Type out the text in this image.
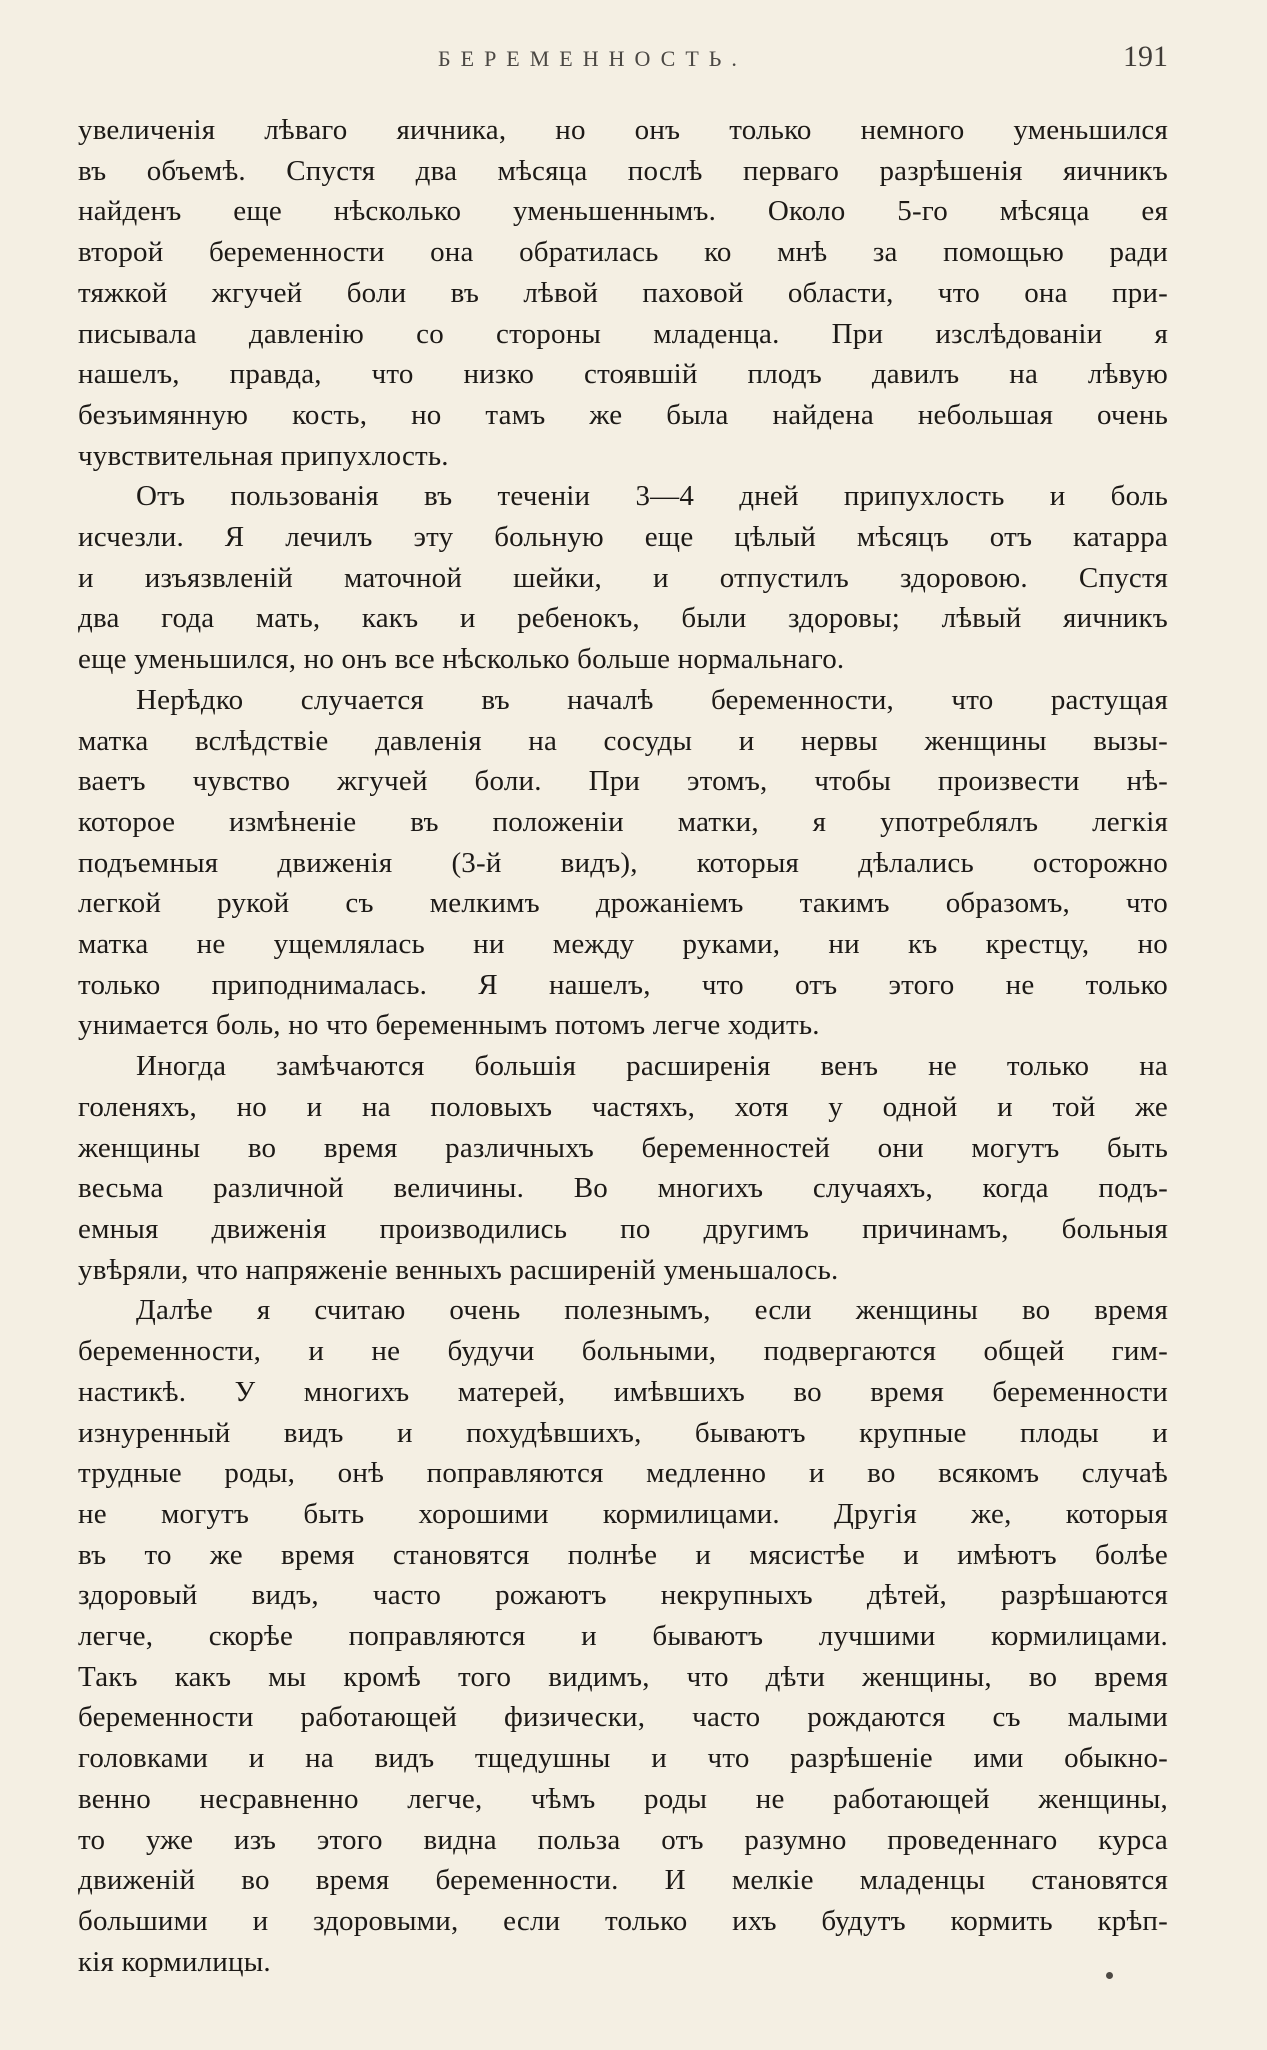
БЕРЕМЕННОСТЬ.	191

увеличенія лѣваго яичника, но онъ только немного уменьшился
въ объемѣ. Спустя два мѣсяца послѣ перваго разрѣшенія яичникъ
найденъ еще нѣсколько уменьшеннымъ. Около 5-го мѣсяца ея
второй беременности она обратилась ко мнѣ за помощью ради
тяжкой жгучей боли въ лѣвой паховой области, что она при-
писывала давленію со стороны младенца. При изслѣдованіи я
нашелъ, правда, что низко стоявшій плодъ давилъ на лѣвую
безъимянную кость, но тамъ же была найдена небольшая очень
чувствительная припухлость.

Отъ пользованія въ теченіи 3—4 дней припухлость и боль
исчезли. Я лечилъ эту больную еще цѣлый мѣсяцъ отъ катарра
и изъязвленій маточной шейки, и отпустилъ здоровою. Спустя
два года мать, какъ и ребенокъ, были здоровы; лѣвый яичникъ
еще уменьшился, но онъ все нѣсколько больше нормальнаго.

Нерѣдко случается въ началѣ беременности, что растущая
матка вслѣдствіе давленія на сосуды и нервы женщины вызы-
ваетъ чувство жгучей боли. При этомъ, чтобы произвести нѣ-
которое измѣненіе въ положеніи матки, я употреблялъ легкія
подъемныя движенія (3-й видъ), которыя дѣлались осторожно
легкой рукой съ мелкимъ дрожаніемъ такимъ образомъ, что
матка не ущемлялась ни между руками, ни къ крестцу, но
только приподнималась. Я нашелъ, что отъ этого не только
унимается боль, но что беременнымъ потомъ легче ходить.

Иногда замѣчаются большія расширенія венъ не только на
голеняхъ, но и на половыхъ частяхъ, хотя у одной и той же
женщины во время различныхъ беременностей они могутъ быть
весьма различной величины. Во многихъ случаяхъ, когда подъ-
емныя движенія производились по другимъ причинамъ, больныя
увѣряли, что напряженіе венныхъ расширеній уменьшалось.

Далѣе я считаю очень полезнымъ, если женщины во время
беременности, и не будучи больными, подвергаются общей гим-
настикѣ. У многихъ матерей, имѣвшихъ во время беременности
изнуренный видъ и похудѣвшихъ, бываютъ крупные плоды и
трудные роды, онѣ поправляются медленно и во всякомъ случаѣ
не могутъ быть хорошими кормилицами. Другія же, которыя
въ то же время становятся полнѣе и мясистѣе и имѣютъ болѣе
здоровый видъ, часто рожаютъ некрупныхъ дѣтей, разрѣшаются
легче, скорѣе поправляются и бываютъ лучшими кормилицами.
Такъ какъ мы кромѣ того видимъ, что дѣти женщины, во время
беременности работающей физически, часто рождаются съ малыми
головками и на видъ тщедушны и что разрѣшеніе ими обыкно-
венно несравненно легче, чѣмъ роды не работающей женщины,
то уже изъ этого видна польза отъ разумно проведеннаго курса
движеній во время беременности. И мелкіе младенцы становятся
большими и здоровыми, если только ихъ будутъ кормить крѣп-
кія кормилицы.
